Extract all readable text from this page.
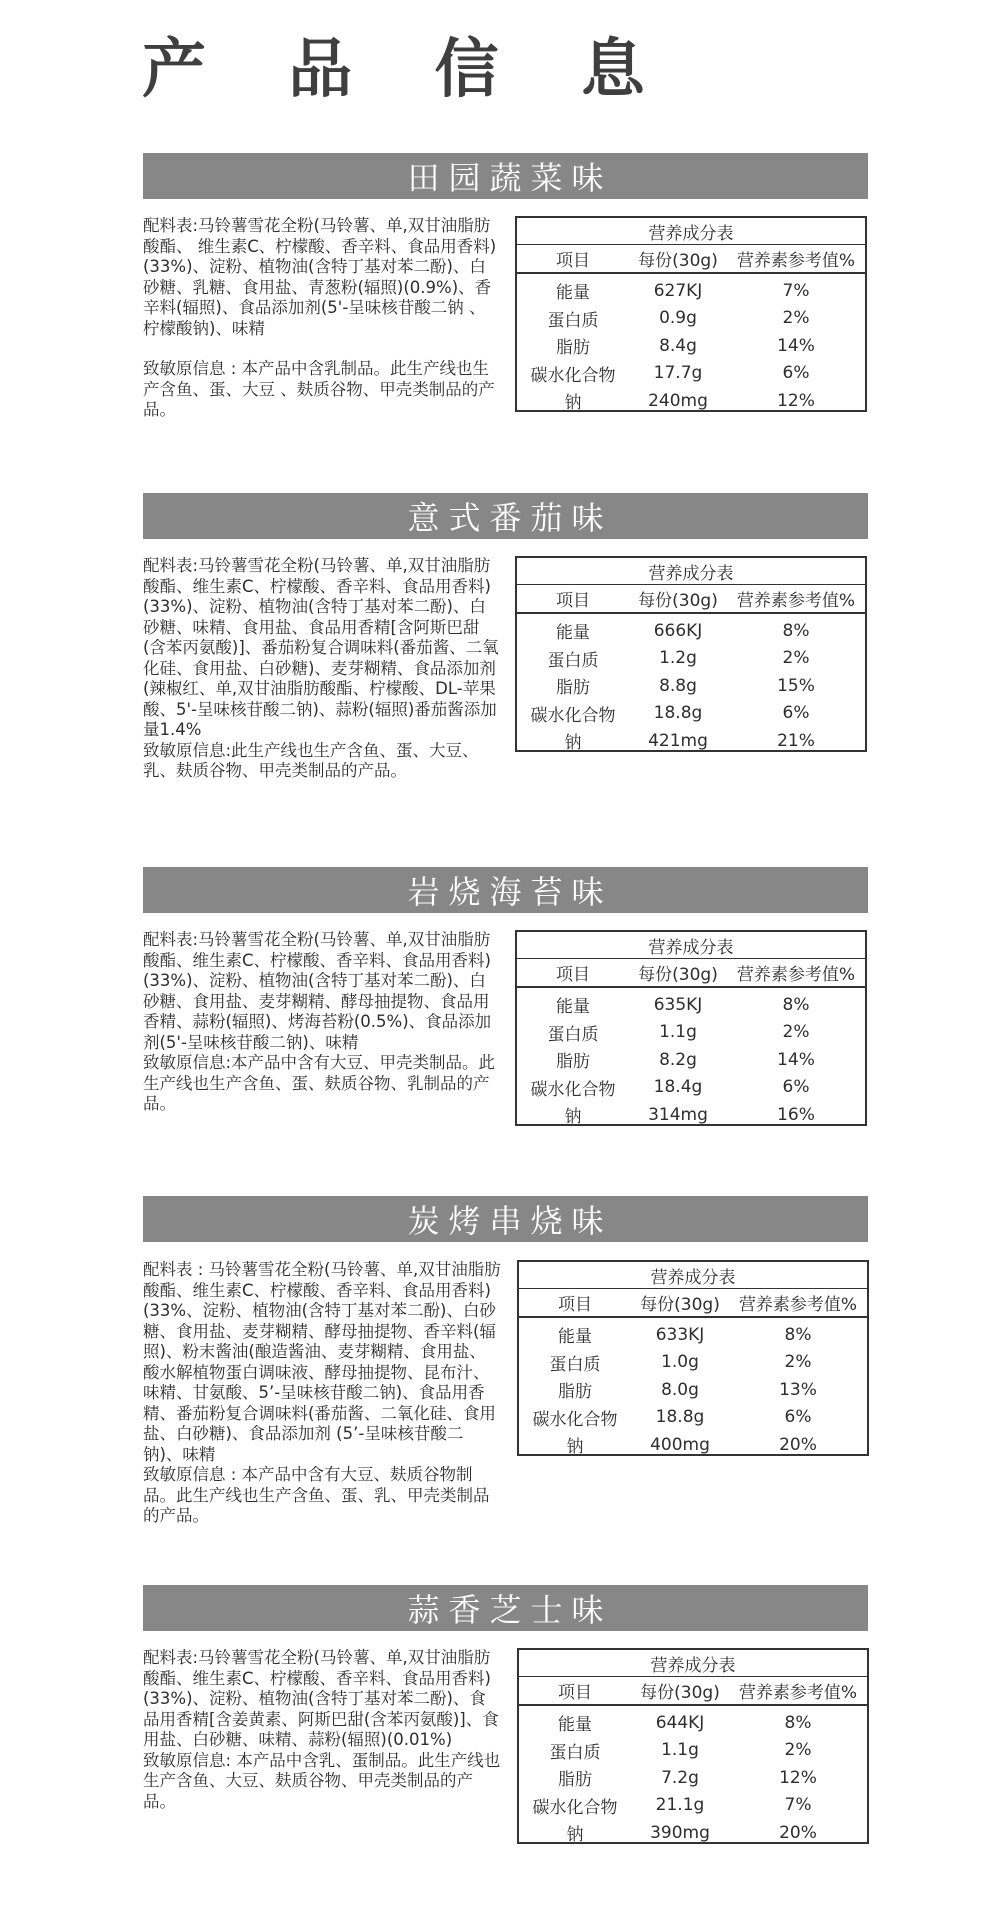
产 品 信 息
田园蔬菜味

配料表:马铃薯雪花全粉(马铃薯、单,双甘油脂肪酸酯、 维生素C、柠檬酸、香辛料、食品用香料)(33%)、淀粉、植物油(含特丁基对苯二酚)、白砂糖、乳糖、食用盐、青葱粉(辐照)(0.9%)、香辛料(辐照)、食品添加剂(5'-呈味核苷酸二钠 、柠檬酸钠)、味精

致敏原信息 : 本产品中含乳制品。此生产线也生产含鱼、蛋、大豆 、麸质谷物、甲壳类制品的产品。

营养成分表
项目	每份(30g)	营养素参考值%
能量	627KJ	7%
蛋白质	0.9g	2%
脂肪	8.4g	14%
碳水化合物	17.7g	6%
钠	240mg	12%
意式番茄味

配料表:马铃薯雪花全粉(马铃薯、单,双甘油脂肪酸酯、维生素C、柠檬酸、香辛料、食品用香料)(33%)、淀粉、植物油(含特丁基对苯二酚)、白砂糖、味精、食用盐、食品用香精[含阿斯巴甜(含苯丙氨酸)]、番茄粉复合调味料(番茄酱、二氧化硅、食用盐、白砂糖)、麦芽糊精、食品添加剂(辣椒红、单,双甘油脂肪酸酯、柠檬酸、DL-苹果酸、5'-呈味核苷酸二钠)、蒜粉(辐照)番茄酱添加量1.4%

致敏原信息:此生产线也生产含鱼、蛋、大豆、乳、麸质谷物、甲壳类制品的产品。

营养成分表
项目	每份(30g)	营养素参考值%
能量	666KJ	8%
蛋白质	1.2g	2%
脂肪	8.8g	15%
碳水化合物	18.8g	6%
钠	421mg	21%
岩烧海苔味

配料表:马铃薯雪花全粉(马铃薯、单,双甘油脂肪酸酯、维生素C、柠檬酸、香辛料、食品用香料)(33%)、淀粉、植物油(含特丁基对苯二酚)、白砂糖、食用盐、麦芽糊精、酵母抽提物、食品用香精、蒜粉(辐照)、烤海苔粉(0.5%)、食品添加剂(5'-呈味核苷酸二钠)、味精

致敏原信息:本产品中含有大豆、甲壳类制品。此生产线也生产含鱼、蛋、麸质谷物、乳制品的产品。

营养成分表
项目	每份(30g)	营养素参考值%
能量	635KJ	8%
蛋白质	1.1g	2%
脂肪	8.2g	14%
碳水化合物	18.4g	6%
钠	314mg	16%
炭烤串烧味

配料表 : 马铃薯雪花全粉(马铃薯、单,双甘油脂肪酸酯、维生素C、柠檬酸、香辛料、食品用香料)(33%、淀粉、植物油(含特丁基对苯二酚)、白砂糖、食用盐、麦芽糊精、酵母抽提物、香辛料(辐照)、粉末酱油(酿造酱油、麦芽糊精、食用盐、酸水解植物蛋白调味液、酵母抽提物、昆布汁、味精、甘氨酸、5’-呈味核苷酸二钠)、食品用香精、番茄粉复合调味料(番茄酱、二氧化硅、食用盐、白砂糖)、食品添加剂 (5’-呈味核苷酸二钠)、味精

致敏原信息 : 本产品中含有大豆、麸质谷物制品。此生产线也生产含鱼、蛋、乳、甲壳类制品的产品。

营养成分表
项目	每份(30g)	营养素参考值%
能量	633KJ	8%
蛋白质	1.0g	2%
脂肪	8.0g	13%
碳水化合物	18.8g	6%
钠	400mg	20%
蒜香芝士味

配料表:马铃薯雪花全粉(马铃薯、单,双甘油脂肪酸酯、维生素C、柠檬酸、香辛料、食品用香料)(33%)、淀粉、植物油(含特丁基对苯二酚)、食品用香精[含姜黄素、阿斯巴甜(含苯丙氨酸)]、食用盐、白砂糖、味精、蒜粉(辐照)(0.01%)

致敏原信息: 本产品中含乳、蛋制品。此生产线也生产含鱼、大豆、麸质谷物、甲壳类制品的产品。

营养成分表
项目	每份(30g)	营养素参考值%
能量	644KJ	8%
蛋白质	1.1g	2%
脂肪	7.2g	12%
碳水化合物	21.1g	7%
钠	390mg	20%
